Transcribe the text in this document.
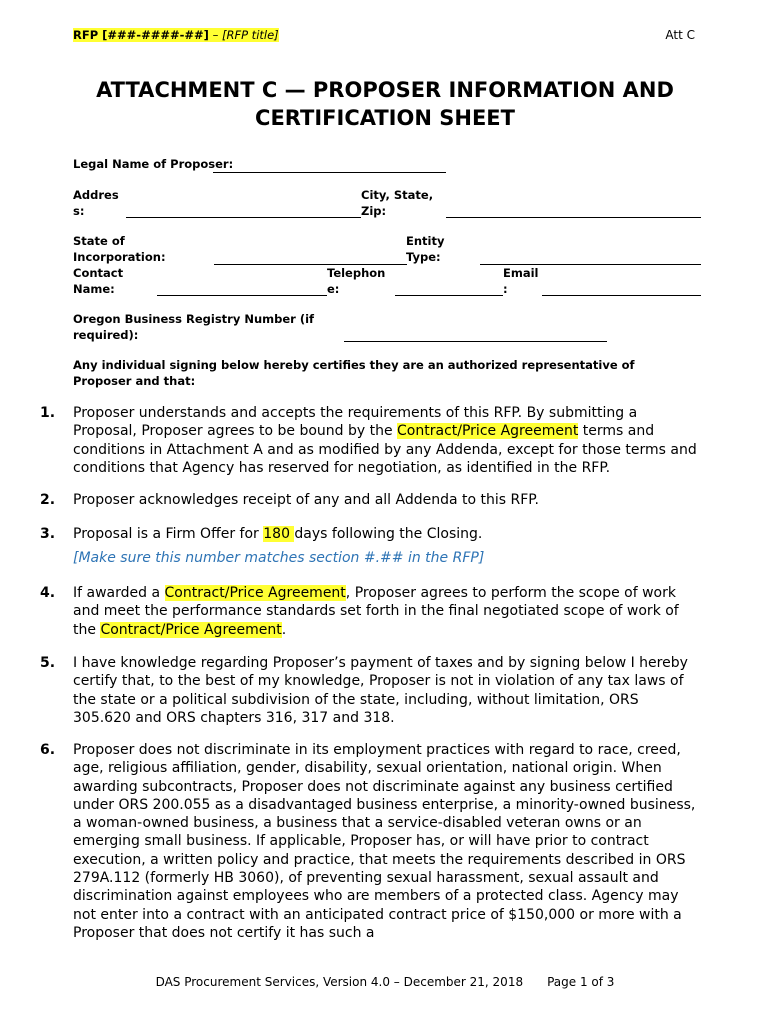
RFP [###-####-##] – [RFP title]	Att C
ATTACHMENT C — PROPOSER INFORMATION AND
CERTIFICATION SHEET
Legal Name of Proposer:
Addres
s:
City, State,
Zip:
State of
Incorporation:
Entity
Type:
Contact
Name:
Telephon
e:
Email
:
Oregon Business Registry Number (if
required):
Any individual signing below hereby certifies they are an authorized representative of
Proposer and that:
1. Proposer understands and accepts the requirements of this RFP. By submitting a Proposal, Proposer agrees to be bound by the Contract/Price Agreement terms and conditions in Attachment A and as modified by any Addenda, except for those terms and conditions that Agency has reserved for negotiation, as identified in the RFP.
2. Proposer acknowledges receipt of any and all Addenda to this RFP.
3. Proposal is a Firm Offer for 180 days following the Closing.
[Make sure this number matches section #.## in the RFP]
4. If awarded a Contract/Price Agreement, Proposer agrees to perform the scope of work and meet the performance standards set forth in the final negotiated scope of work of the Contract/Price Agreement.
5. I have knowledge regarding Proposer’s payment of taxes and by signing below I hereby certify that, to the best of my knowledge, Proposer is not in violation of any tax laws of the state or a political subdivision of the state, including, without limitation, ORS 305.620 and ORS chapters 316, 317 and 318.
6. Proposer does not discriminate in its employment practices with regard to race, creed, age, religious affiliation, gender, disability, sexual orientation, national origin. When awarding subcontracts, Proposer does not discriminate against any business certified under ORS 200.055 as a disadvantaged business enterprise, a minority-owned business, a woman-owned business, a business that a service-disabled veteran owns or an emerging small business. If applicable, Proposer has, or will have prior to contract execution, a written policy and practice, that meets the requirements described in ORS 279A.112 (formerly HB 3060), of preventing sexual harassment, sexual assault and discrimination against employees who are members of a protected class. Agency may not enter into a contract with an anticipated contract price of $150,000 or more with a Proposer that does not certify it has such a
DAS Procurement Services, Version 4.0 – December 21, 2018 Page 1 of 3
